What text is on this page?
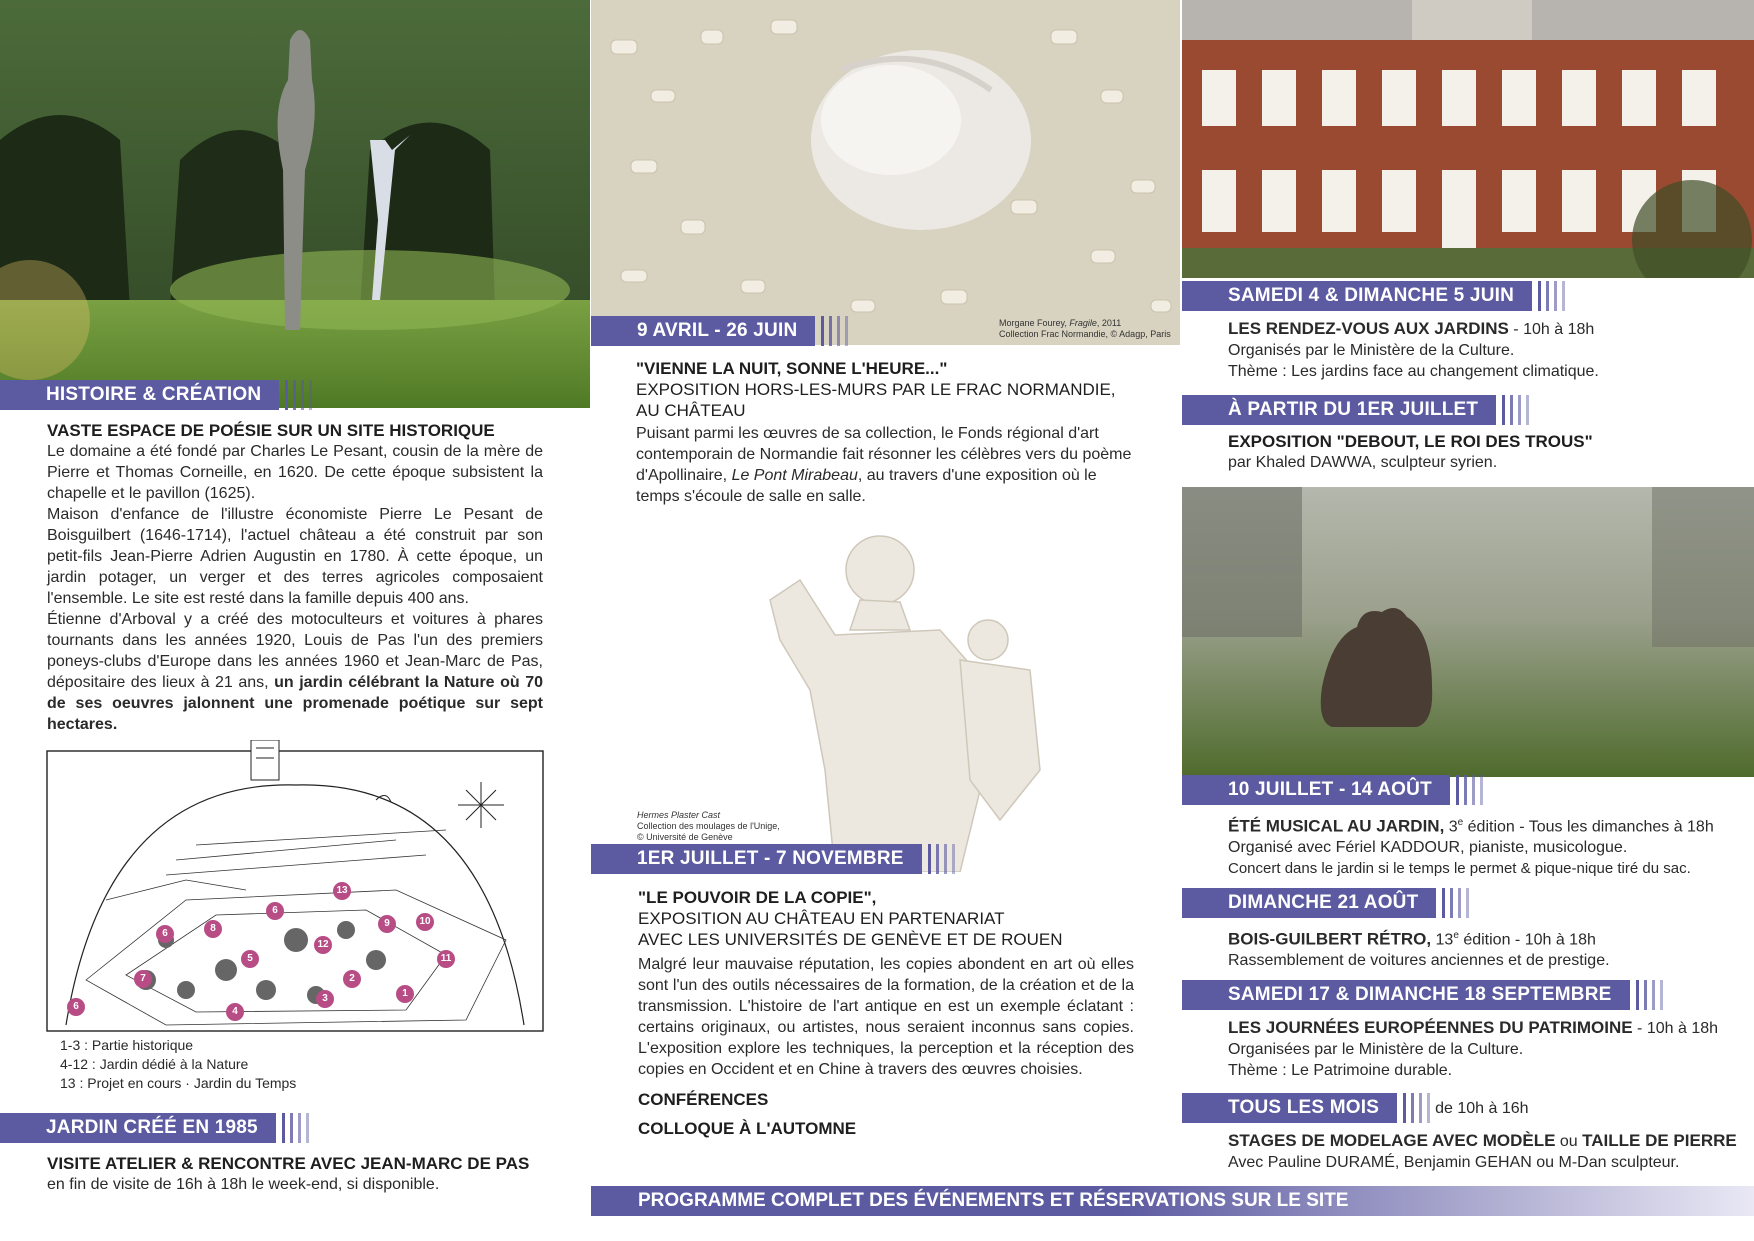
HISTOIRE & CRÉATION

VASTE ESPACE DE POÉSIE SUR UN SITE HISTORIQUE

Le domaine a été fondé par Charles Le Pesant, cousin de la mère de Pierre et Thomas Corneille, en 1620. De cette époque subsistent la chapelle et le pavillon (1625).

Maison d'enfance de l'illustre économiste Pierre Le Pesant de Boisguilbert (1646-1714), l'actuel château a été construit par son petit-fils Jean-Pierre Adrien Augustin en 1780. À cette époque, un jardin potager, un verger et des terres agricoles composaient l'ensemble. Le site est resté dans la famille depuis 400 ans.

Étienne d'Arboval y a créé des motoculteurs et voitures à phares tournants dans les années 1920, Louis de Pas l'un des premiers poneys-clubs d'Europe dans les années 1960 et Jean-Marc de Pas, dépositaire des lieux à 21 ans, un jardin célébrant la Nature où 70 de ses oeuvres jalonnent une promenade poétique sur sept hectares.

1
2
3
4
5
6
6
6
7
8	9	10
11
12
13

1-3 : Partie historique

4-12 : Jardin dédié à la Nature

13 : Projet en cours · Jardin du Temps

JARDIN CRÉÉ EN 1985

VISITE ATELIER & RENCONTRE AVEC JEAN-MARC DE PAS

en fin de visite de 16h à 18h le week-end, si disponible.

Morgane Fourey, Fragile, 2011
Collection Frac Normandie, © Adagp, Paris
9 AVRIL - 26 JUIN

"VIENNE LA NUIT, SONNE L'HEURE..."

EXPOSITION HORS-LES-MURS PAR LE FRAC NORMANDIE,

AU CHÂTEAU

Puisant parmi les œuvres de sa collection, le Fonds régional d'art contemporain de Normandie fait résonner les célèbres vers du poème d'Apollinaire, Le Pont Mirabeau, au travers d'une exposition où le temps s'écoule de salle en salle.

Hermes Plaster Cast
Collection des moulages de l'Unige,
© Université de Genève
1ER JUILLET - 7 NOVEMBRE

"LE POUVOIR DE LA COPIE",

EXPOSITION AU CHÂTEAU EN PARTENARIAT

AVEC LES UNIVERSITÉS DE GENÈVE ET DE ROUEN

Malgré leur mauvaise réputation, les copies abondent en art où elles sont l'un des outils nécessaires de la formation, de la création et de la transmission. L'histoire de l'art antique en est un exemple éclatant : certains originaux, ou artistes, nous seraient inconnus sans copies. L'exposition explore les techniques, la perception et la réception des copies en Occident et en Chine à travers des œuvres choisies.

CONFÉRENCES

COLLOQUE À L'AUTOMNE

PROGRAMME COMPLET DES ÉVÉNEMENTS ET RÉSERVATIONS SUR LE SITE
SAMEDI 4 & DIMANCHE 5 JUIN

LES RENDEZ-VOUS AUX JARDINS - 10h à 18h

Organisés par le Ministère de la Culture.

Thème : Les jardins face au changement climatique.

À PARTIR DU 1ER JUILLET

EXPOSITION "DEBOUT, LE ROI DES TROUS"

par Khaled DAWWA, sculpteur syrien.

10 JUILLET - 14 AOÛT

ÉTÉ MUSICAL AU JARDIN, 3e édition - Tous les dimanches à 18h

Organisé avec Fériel KADDOUR, pianiste, musicologue.

Concert dans le jardin si le temps le permet & pique-nique tiré du sac.

DIMANCHE 21 AOÛT

BOIS-GUILBERT RÉTRO, 13e édition - 10h à 18h

Rassemblement de voitures anciennes et de prestige.

SAMEDI 17 & DIMANCHE 18 SEPTEMBRE

LES JOURNÉES EUROPÉENNES DU PATRIMOINE - 10h à 18h

Organisées par le Ministère de la Culture.

Thème : Le Patrimoine durable.

TOUS LES MOIS	de 10h à 16h

STAGES DE MODELAGE AVEC MODÈLE ou TAILLE DE PIERRE

Avec Pauline DURAMÉ, Benjamin GEHAN ou M-Dan sculpteur.
